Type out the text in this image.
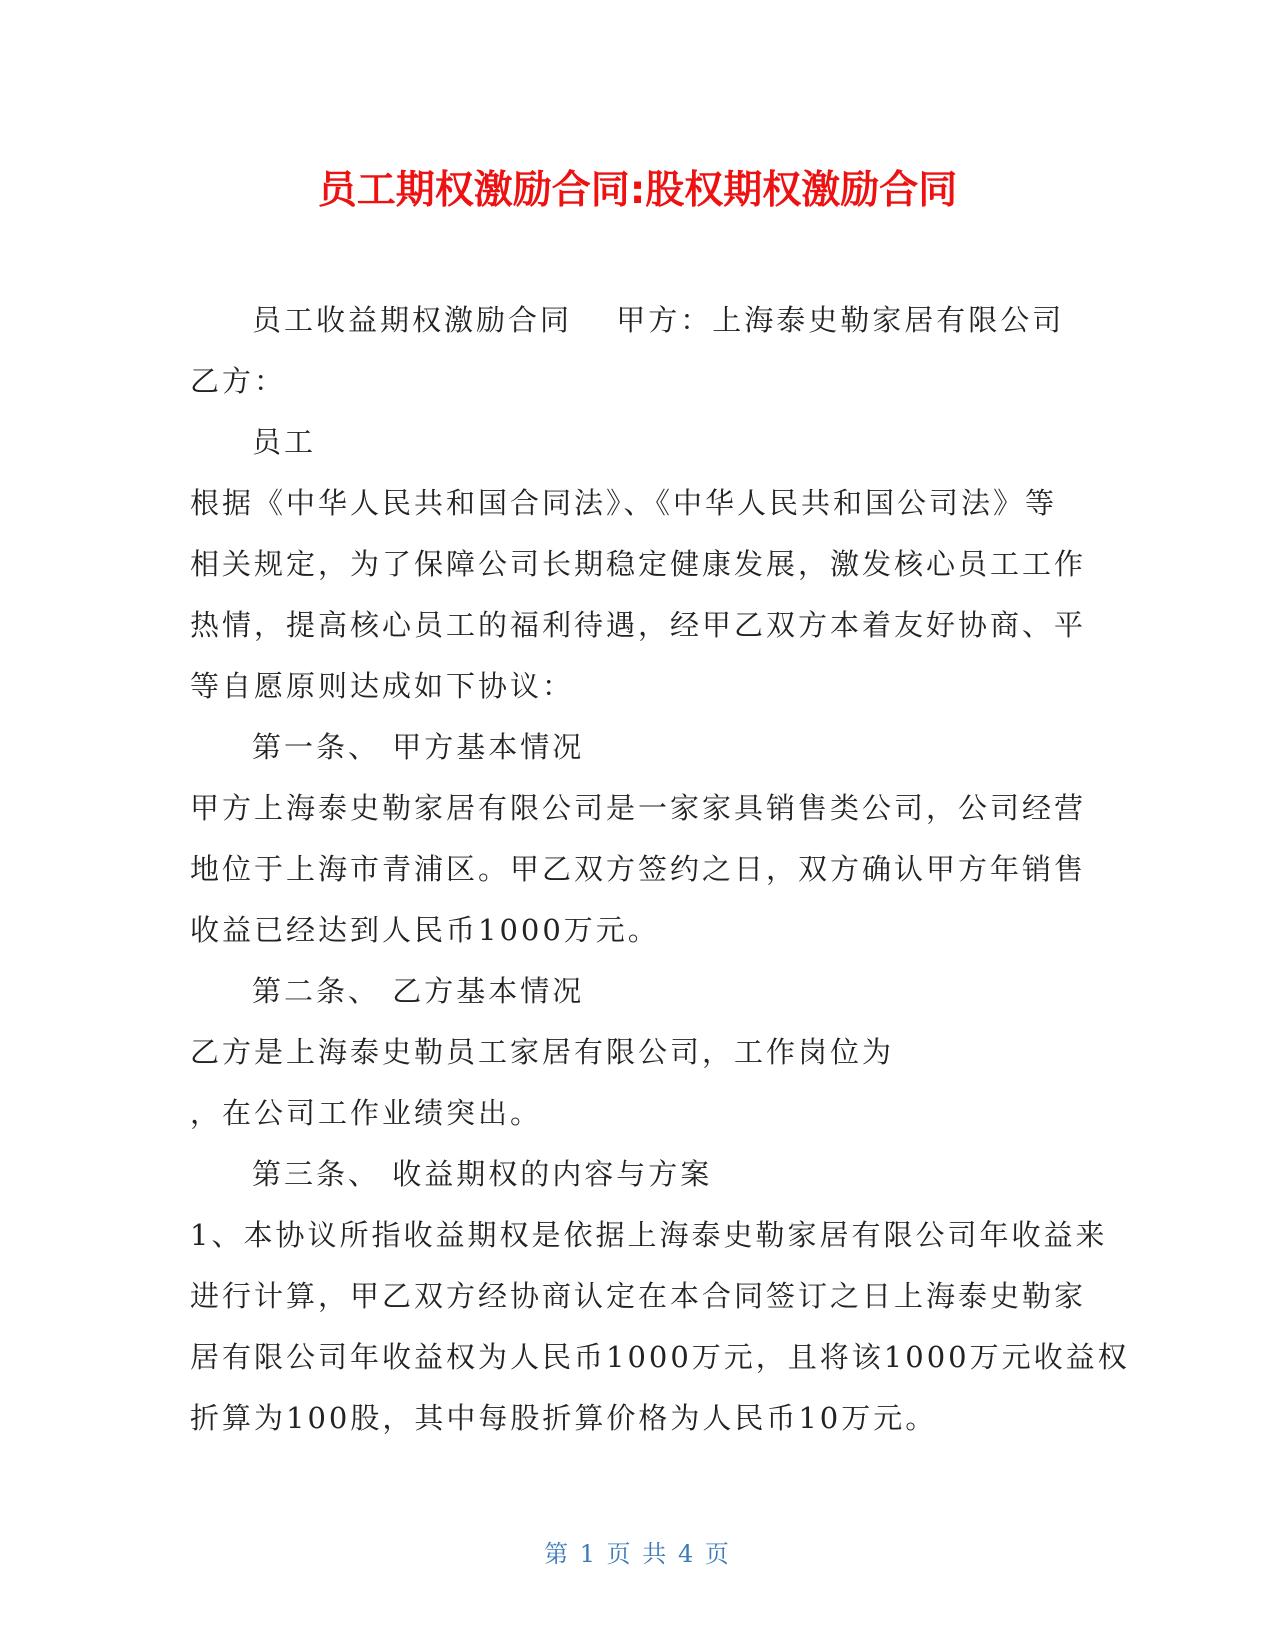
员工期权激励合同:股权期权激励合同
员工收益期权激励合同　 甲方：上海泰史勒家居有限公司
乙方：
员工
根据《中华人民共和国合同法》、《中华人民共和国公司法》等
相关规定，为了保障公司长期稳定健康发展，激发核心员工工作
热情，提高核心员工的福利待遇，经甲乙双方本着友好协商、平
等自愿原则达成如下协议：
第一条、 甲方基本情况
甲方上海泰史勒家居有限公司是一家家具销售类公司，公司经营
地位于上海市青浦区。甲乙双方签约之日，双方确认甲方年销售
收益已经达到人民币1000万元。
第二条、 乙方基本情况
乙方是上海泰史勒员工家居有限公司，工作岗位为
，在公司工作业绩突出。
第三条、 收益期权的内容与方案
1、本协议所指收益期权是依据上海泰史勒家居有限公司年收益来
进行计算，甲乙双方经协商认定在本合同签订之日上海泰史勒家
居有限公司年收益权为人民币1000万元，且将该1000万元收益权
折算为100股，其中每股折算价格为人民币10万元。
第 1 页 共 4 页
